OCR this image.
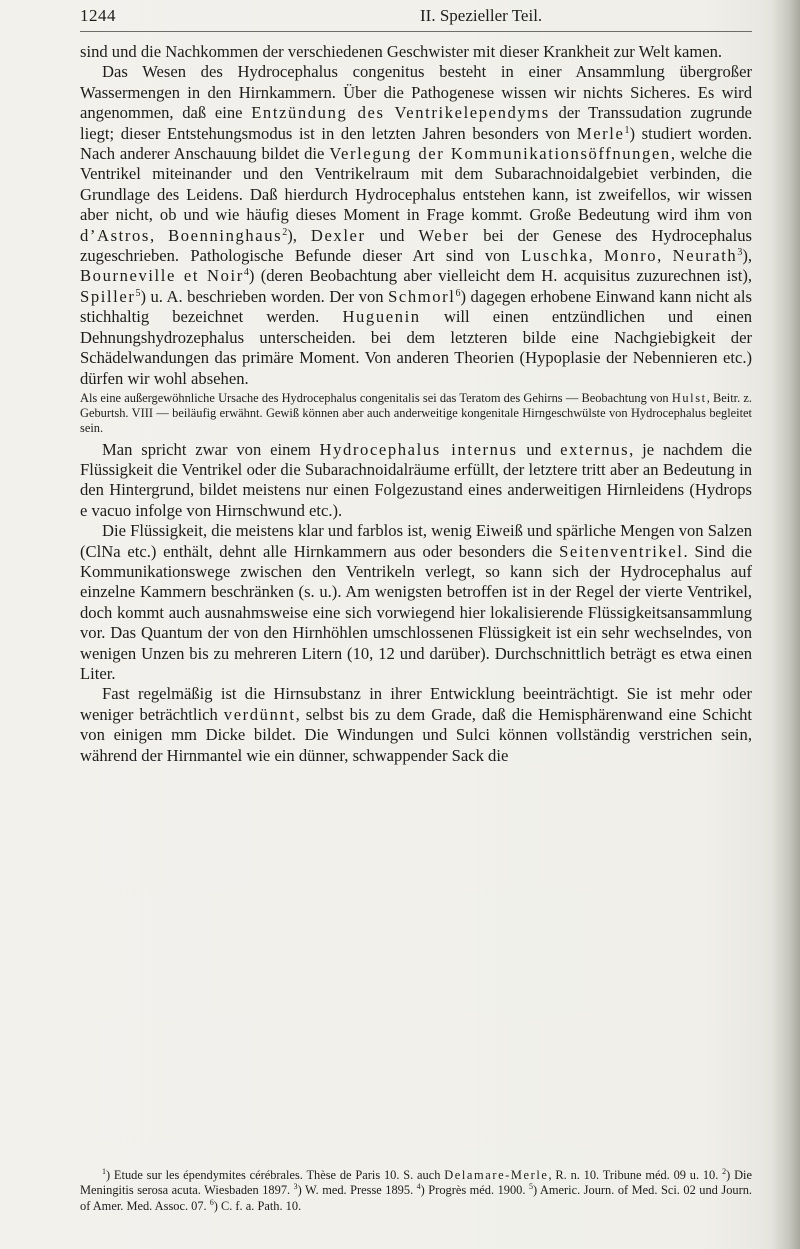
1244	II. Spezieller Teil.

sind und die Nachkommen der verschiedenen Geschwister mit dieser Krankheit zur Welt kamen.

Das Wesen des Hydrocephalus congenitus besteht in einer Ansammlung übergroßer Wassermengen in den Hirnkammern. Über die Pathogenese wissen wir nichts Sicheres. Es wird angenommen, daß eine Entzündung des Ventrikelependyms der Transsudation zugrunde liegt; dieser Entstehungsmodus ist in den letzten Jahren besonders von Merle$^1$) studiert worden. Nach anderer Anschauung bildet die Verlegung der Kommunikationsöffnungen, welche die Ventrikel miteinander und den Ventrikelraum mit dem Subarachnoidalgebiet verbinden, die Grundlage des Leidens. Daß hierdurch Hydrocephalus entstehen kann, ist zweifellos, wir wissen aber nicht, ob und wie häufig dieses Moment in Frage kommt. Große Bedeutung wird ihm von d’Astros, Boenninghaus$^2$), Dexler und Weber bei der Genese des Hydrocephalus zugeschrieben. Pathologische Befunde dieser Art sind von Luschka, Monro, Neurath$^3$), Bourneville et Noir$^4$) (deren Beobachtung aber vielleicht dem H. acquisitus zuzurechnen ist), Spiller$^5$) u. A. beschrieben worden. Der von Schmorl$^6$) dagegen erhobene Einwand kann nicht als stichhaltig bezeichnet werden. Huguenin will einen entzündlichen und einen Dehnungshydrozephalus unterscheiden. bei dem letzteren bilde eine Nachgiebigkeit der Schädelwandungen das primäre Moment. Von anderen Theorien (Hypoplasie der Nebennieren etc.) dürfen wir wohl absehen.

Als eine außergewöhnliche Ursache des Hydrocephalus congenitalis sei das Teratom des Gehirns — Beobachtung von Hulst, Beitr. z. Geburtsh. VIII — beiläufig erwähnt. Gewiß können aber auch anderweitige kongenitale Hirngeschwülste von Hydrocephalus begleitet sein.

Man spricht zwar von einem Hydrocephalus internus und externus, je nachdem die Flüssigkeit die Ventrikel oder die Subarachnoidalräume erfüllt, der letztere tritt aber an Bedeutung in den Hintergrund, bildet meistens nur einen Folgezustand eines anderweitigen Hirnleidens (Hydrops e vacuo infolge von Hirnschwund etc.).

Die Flüssigkeit, die meistens klar und farblos ist, wenig Eiweiß und spärliche Mengen von Salzen (ClNa etc.) enthält, dehnt alle Hirnkammern aus oder besonders die Seitenventrikel. Sind die Kommunikationswege zwischen den Ventrikeln verlegt, so kann sich der Hydrocephalus auf einzelne Kammern beschränken (s. u.). Am wenigsten betroffen ist in der Regel der vierte Ventrikel, doch kommt auch ausnahmsweise eine sich vorwiegend hier lokalisierende Flüssigkeitsansammlung vor. Das Quantum der von den Hirnhöhlen umschlossenen Flüssigkeit ist ein sehr wechselndes, von wenigen Unzen bis zu mehreren Litern (10, 12 und darüber). Durchschnittlich beträgt es etwa einen Liter.

Fast regelmäßig ist die Hirnsubstanz in ihrer Entwicklung beeinträchtigt. Sie ist mehr oder weniger beträchtlich verdünnt, selbst bis zu dem Grade, daß die Hemisphärenwand eine Schicht von einigen mm Dicke bildet. Die Windungen und Sulci können vollständig verstrichen sein, während der Hirnmantel wie ein dünner, schwappender Sack die

$^1$) Etude sur les épendymites cérébrales. Thèse de Paris 10. S. auch Delamare-Merle, R. n. 10. Tribune méd. 09 u. 10. $^2$) Die Meningitis serosa acuta. Wiesbaden 1897. $^3$) W. med. Presse 1895. $^4$) Progrès méd. 1900. $^5$) Americ. Journ. of Med. Sci. 02 und Journ. of Amer. Med. Assoc. 07. $^6$) C. f. a. Path. 10.
